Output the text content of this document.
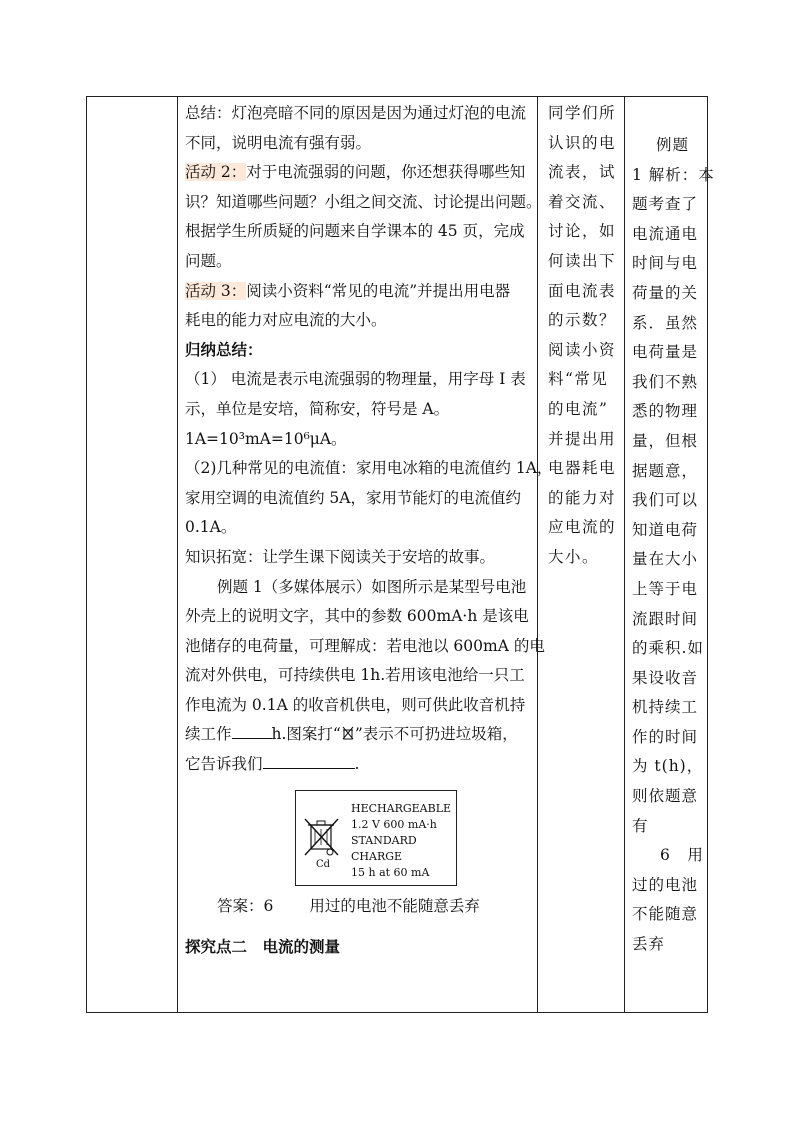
总结：灯泡亮暗不同的原因是因为通过灯泡的电流

不同，说明电流有强有弱。

活动 2：对于电流强弱的问题，你还想获得哪些知

识？知道哪些问题？小组之间交流、讨论提出问题。

根据学生所质疑的问题来自学课本的 45 页，完成

问题。

活动 3：阅读小资料“常见的电流”并提出用电器

耗电的能力对应电流的大小。

归纳总结：

（1） 电流是表示电流强弱的物理量，用字母 I 表

示，单位是安培，简称安，符号是 A。

1A=10³mA=10⁶μA。

（2)几种常见的电流值：家用电冰箱的电流值约 1A，

家用空调的电流值约 5A，家用节能灯的电流值约

0.1A。

知识拓宽：让学生课下阅读关于安培的故事。

例题 1（多媒体展示）如图所示是某型号电池

外壳上的说明文字，其中的参数 600mA·h 是该电

池储存的电荷量，可理解成：若电池以 600mA 的电

流对外供电，可持续供电 1h.若用该电池给一只工

作电流为 0.1A 的收音机供电，则可供此收音机持

续工作	h.图案打“ ”表示不可扔进垃圾箱，

它告诉我们	.

Cd
HECHARGEABLE
1.2 V 600 mA·h
STANDARD
CHARGE
15 h at 60 mA

答案：6 用过的电池不能随意丢弃

探究点二　电流的测量

同学们所

认识的电

流表，试

着交流、

讨论，如

何读出下

面电流表

的示数？

阅读小资

料“常见

的电流”

并提出用

电器耗电

的能力对

应电流的

大小。

例题

1 解析：本

题考查了

电流通电

时间与电

荷量的关

系．虽然

电荷量是

我们不熟

悉的物理

量，但根

据题意，

我们可以

知道电荷

量在大小

上等于电

流跟时间

的乘积.如

果设收音

机持续工

作的时间

为 t(h)，

则依题意

有

6　用

过的电池

不能随意

丢弃
